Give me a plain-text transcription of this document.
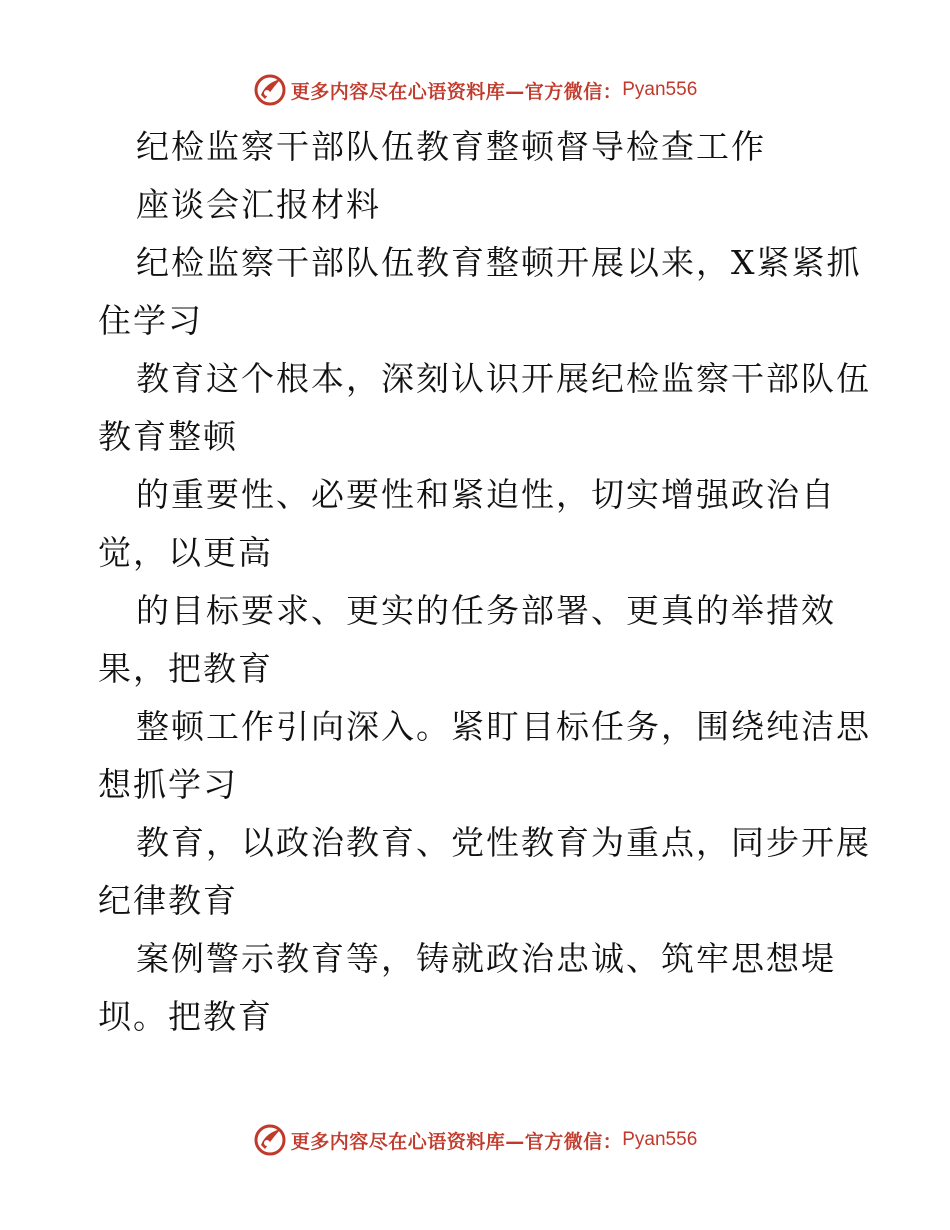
更多内容尽在心语资料库—官方微信： Pyan556
纪检监察干部队伍教育整顿督导检查工作
座谈会汇报材料
纪检监察干部队伍教育整顿开展以来，X紧紧抓
住学习
教育这个根本，深刻认识开展纪检监察干部队伍
教育整顿
的重要性、必要性和紧迫性，切实增强政治自
觉，以更高
的目标要求、更实的任务部署、更真的举措效
果，把教育
整顿工作引向深入。紧盯目标任务，围绕纯洁思
想抓学习
教育，以政治教育、党性教育为重点，同步开展
纪律教育
案例警示教育等，铸就政治忠诚、筑牢思想堤
坝。把教育
更多内容尽在心语资料库—官方微信： Pyan556
